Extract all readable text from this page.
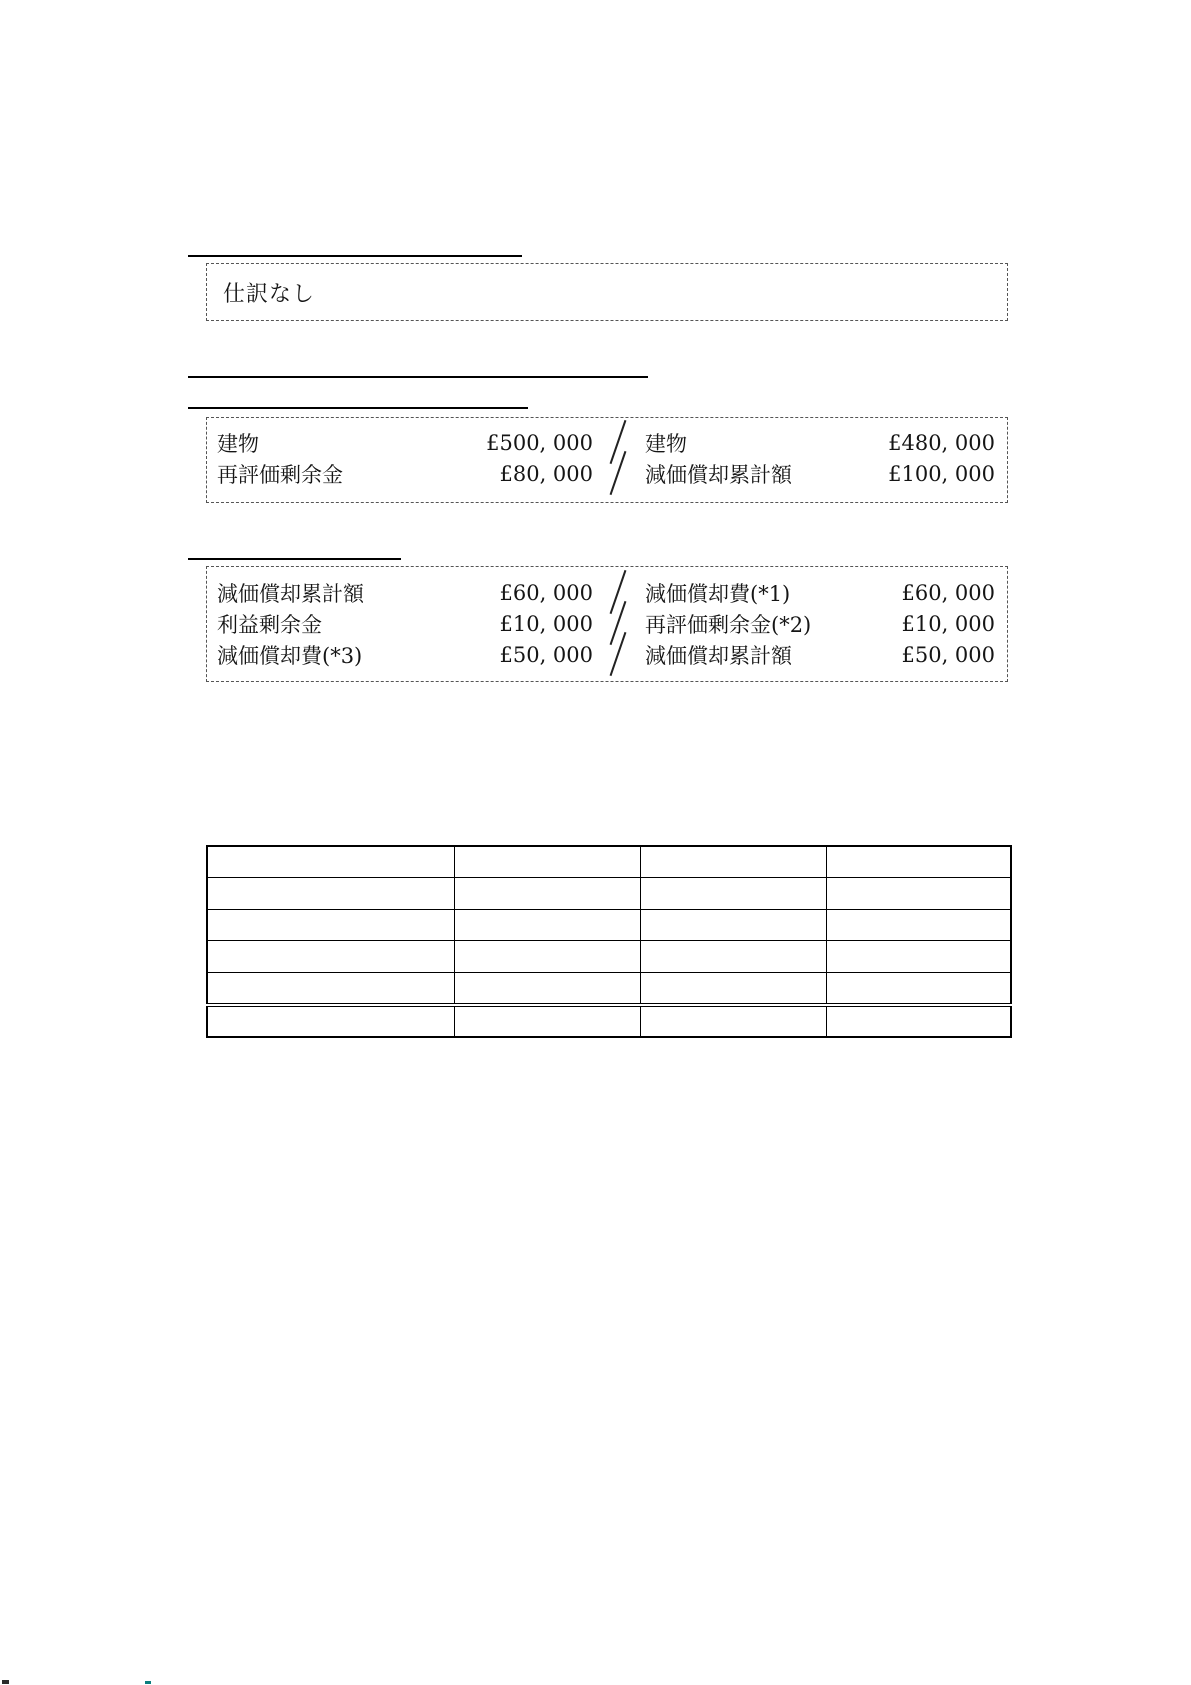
仕訳なし
建物	£500, 000 建物	£480, 000
再評価剰余金	£80, 000 減価償却累計額	£100, 000
減価償却累計額	£60, 000 減価償却費(*1)	£60, 000
利益剰余金	£10, 000 再評価剰余金(*2)	£10, 000
減価償却費(*3)	£50, 000 減価償却累計額	£50, 000
